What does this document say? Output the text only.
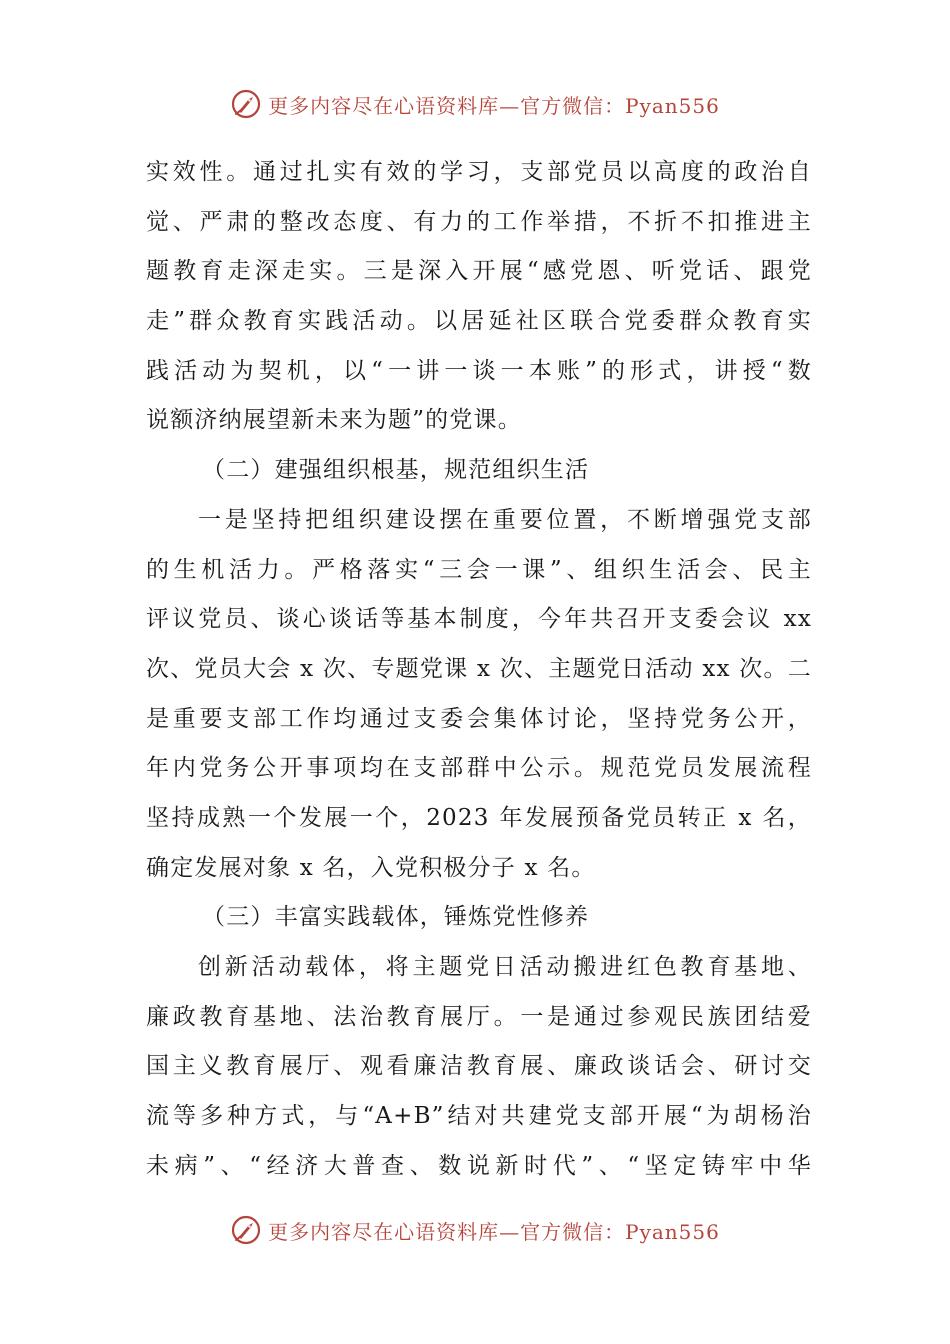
更多内容尽在心语资料库—官方微信：Pyan556
实效性。通过扎实有效的学习，支部党员以高度的政治自
觉、严肃的整改态度、有力的工作举措，不折不扣推进主
题教育走深走实。三是深入开展“感党恩、听党话、跟党
走”群众教育实践活动。以居延社区联合党委群众教育实
践活动为契机，以“一讲一谈一本账”的形式，讲授“数
说额济纳展望新未来为题”的党课。
（二）建强组织根基，规范组织生活
一是坚持把组织建设摆在重要位置，不断增强党支部
的生机活力。严格落实“三会一课”、组织生活会、民主
评议党员、谈心谈话等基本制度，今年共召开支委会议 xx
次、党员大会 x 次、专题党课 x 次、主题党日活动 xx 次。二
是重要支部工作均通过支委会集体讨论，坚持党务公开，
年内党务公开事项均在支部群中公示。规范党员发展流程
坚持成熟一个发展一个，2023 年发展预备党员转正 x 名，
确定发展对象 x 名，入党积极分子 x 名。
（三）丰富实践载体，锤炼党性修养
创新活动载体，将主题党日活动搬进红色教育基地、
廉政教育基地、法治教育展厅。一是通过参观民族团结爱
国主义教育展厅、观看廉洁教育展、廉政谈话会、研讨交
流等多种方式，与“A+B”结对共建党支部开展“为胡杨治
未病”、“经济大普查、数说新时代”、“坚定铸牢中华
更多内容尽在心语资料库—官方微信：Pyan556
